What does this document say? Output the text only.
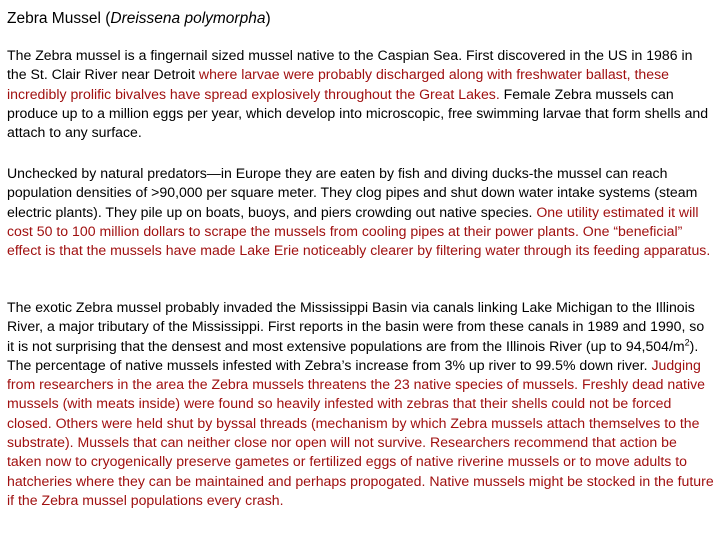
Zebra Mussel (Dreissena polymorpha)

The Zebra mussel is a fingernail sized mussel native to the Caspian Sea. First discovered in the US in 1986 in the St. Clair River near Detroit where larvae were probably discharged along with freshwater ballast, these incredibly prolific bivalves have spread explosively throughout the Great Lakes. Female Zebra mussels can produce up to a million eggs per year, which develop into microscopic, free swimming larvae that form shells and attach to any surface.

Unchecked by natural predators—in Europe they are eaten by fish and diving ducks-the mussel can reach population densities of >90,000 per square meter. They clog pipes and shut down water intake systems (steam electric plants). They pile up on boats, buoys, and piers crowding out native species. One utility estimated it will cost 50 to 100 million dollars to scrape the mussels from cooling pipes at their power plants. One “beneficial” effect is that the mussels have made Lake Erie noticeably clearer by filtering water through its feeding apparatus.

The exotic Zebra mussel probably invaded the Mississippi Basin via canals linking Lake Michigan to the Illinois River, a major tributary of the Mississippi. First reports in the basin were from these canals in 1989 and 1990, so it is not surprising that the densest and most extensive populations are from the Illinois River (up to $94,504/m^2$). The percentage of native mussels infested with Zebra’s increase from 3% up river to 99.5% down river. Judging from researchers in the area the Zebra mussels threatens the 23 native species of mussels. Freshly dead native mussels (with meats inside) were found so heavily infested with zebras that their shells could not be forced closed. Others were held shut by byssal threads (mechanism by which Zebra mussels attach themselves to the substrate). Mussels that can neither close nor open will not survive. Researchers recommend that action be taken now to cryogenically preserve gametes or fertilized eggs of native riverine mussels or to move adults to hatcheries where they can be maintained and perhaps propogated. Native mussels might be stocked in the future if the Zebra mussel populations every crash.
